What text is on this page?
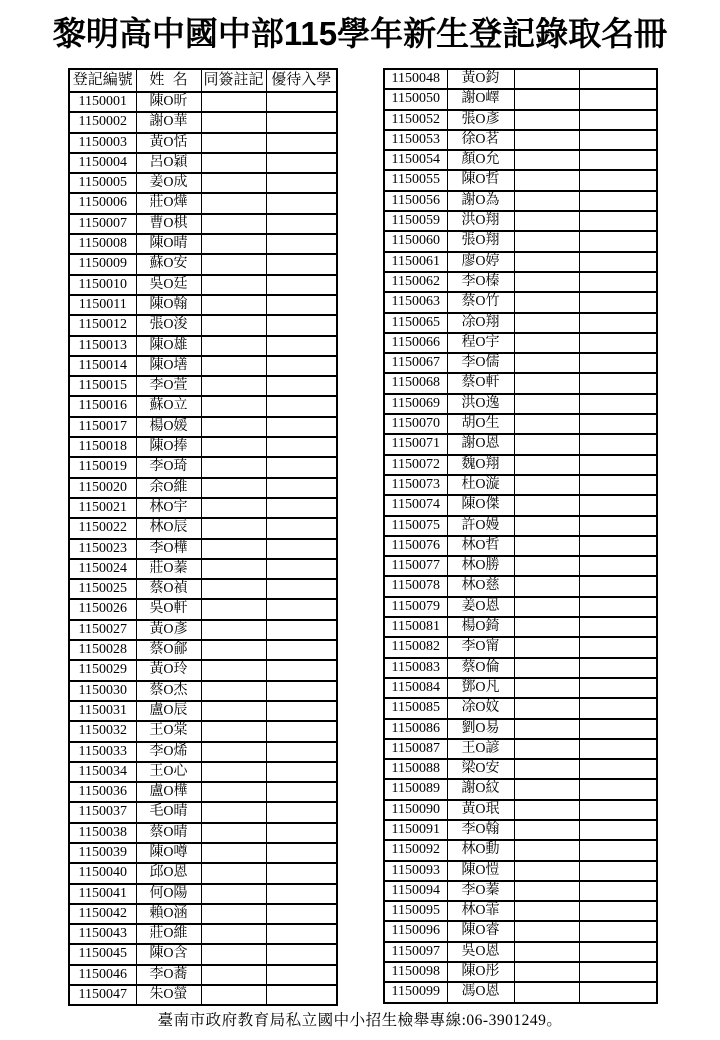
黎明高中國中部115學年新生登記錄取名冊
登記編號	姓名	同簽註記	優待入學
1150001	陳O昕		
1150002	謝O華		
1150003	黃O恬		
1150004	呂O穎		
1150005	姜O成		
1150006	莊O燁		
1150007	曹O棋		
1150008	陳O晴		
1150009	蘇O安		
1150010	吳O廷		
1150011	陳O翰		
1150012	張O浚		
1150013	陳O雄		
1150014	陳O墡		
1150015	李O萱		
1150016	蘇O立		
1150017	楊O媛		
1150018	陳O捧		
1150019	李O琦		
1150020	余O維		
1150021	林O宇		
1150022	林O辰		
1150023	李O樺		
1150024	莊O蓁		
1150025	蔡O禎		
1150026	吳O軒		
1150027	黃O彥		
1150028	蔡O鄃		
1150029	黃O玲		
1150030	蔡O杰		
1150031	盧O辰		
1150032	王O棠		
1150033	李O烯		
1150034	王O心		
1150036	盧O樺		
1150037	毛O晴		
1150038	蔡O晴		
1150039	陳O噂		
1150040	邱O恩		
1150041	何O陽		
1150042	賴O涵		
1150043	莊O維		
1150045	陳O含		
1150046	李O蕎		
1150047	朱O螢		
1150048	黃O鈞		
1150050	謝O嶧		
1150052	張O彥		
1150053	徐O茗		
1150054	顏O允		
1150055	陳O哲		
1150056	謝O為		
1150059	洪O翔		
1150060	張O翔		
1150061	廖O婷		
1150062	李O榛		
1150063	蔡O竹		
1150065	凃O翔		
1150066	程O宇		
1150067	李O儒		
1150068	蔡O軒		
1150069	洪O逸		
1150070	胡O生		
1150071	謝O恩		
1150072	魏O翔		
1150073	杜O漩		
1150074	陳O傑		
1150075	許O嫚		
1150076	林O哲		
1150077	林O勝		
1150078	林O慈		
1150079	姜O恩		
1150081	楊O錡		
1150082	李O甯		
1150083	蔡O倫		
1150084	鄧O凡		
1150085	凃O妏		
1150086	劉O易		
1150087	王O諺		
1150088	梁O安		
1150089	謝O紋		
1150090	黃O珉		
1150091	李O翰		
1150092	林O動		
1150093	陳O愷		
1150094	李O蓁		
1150095	林O霏		
1150096	陳O睿		
1150097	吳O恩		
1150098	陳O彤		
1150099	馮O恩		
臺南市政府教育局私立國中小招生檢舉專線:06-3901249。
